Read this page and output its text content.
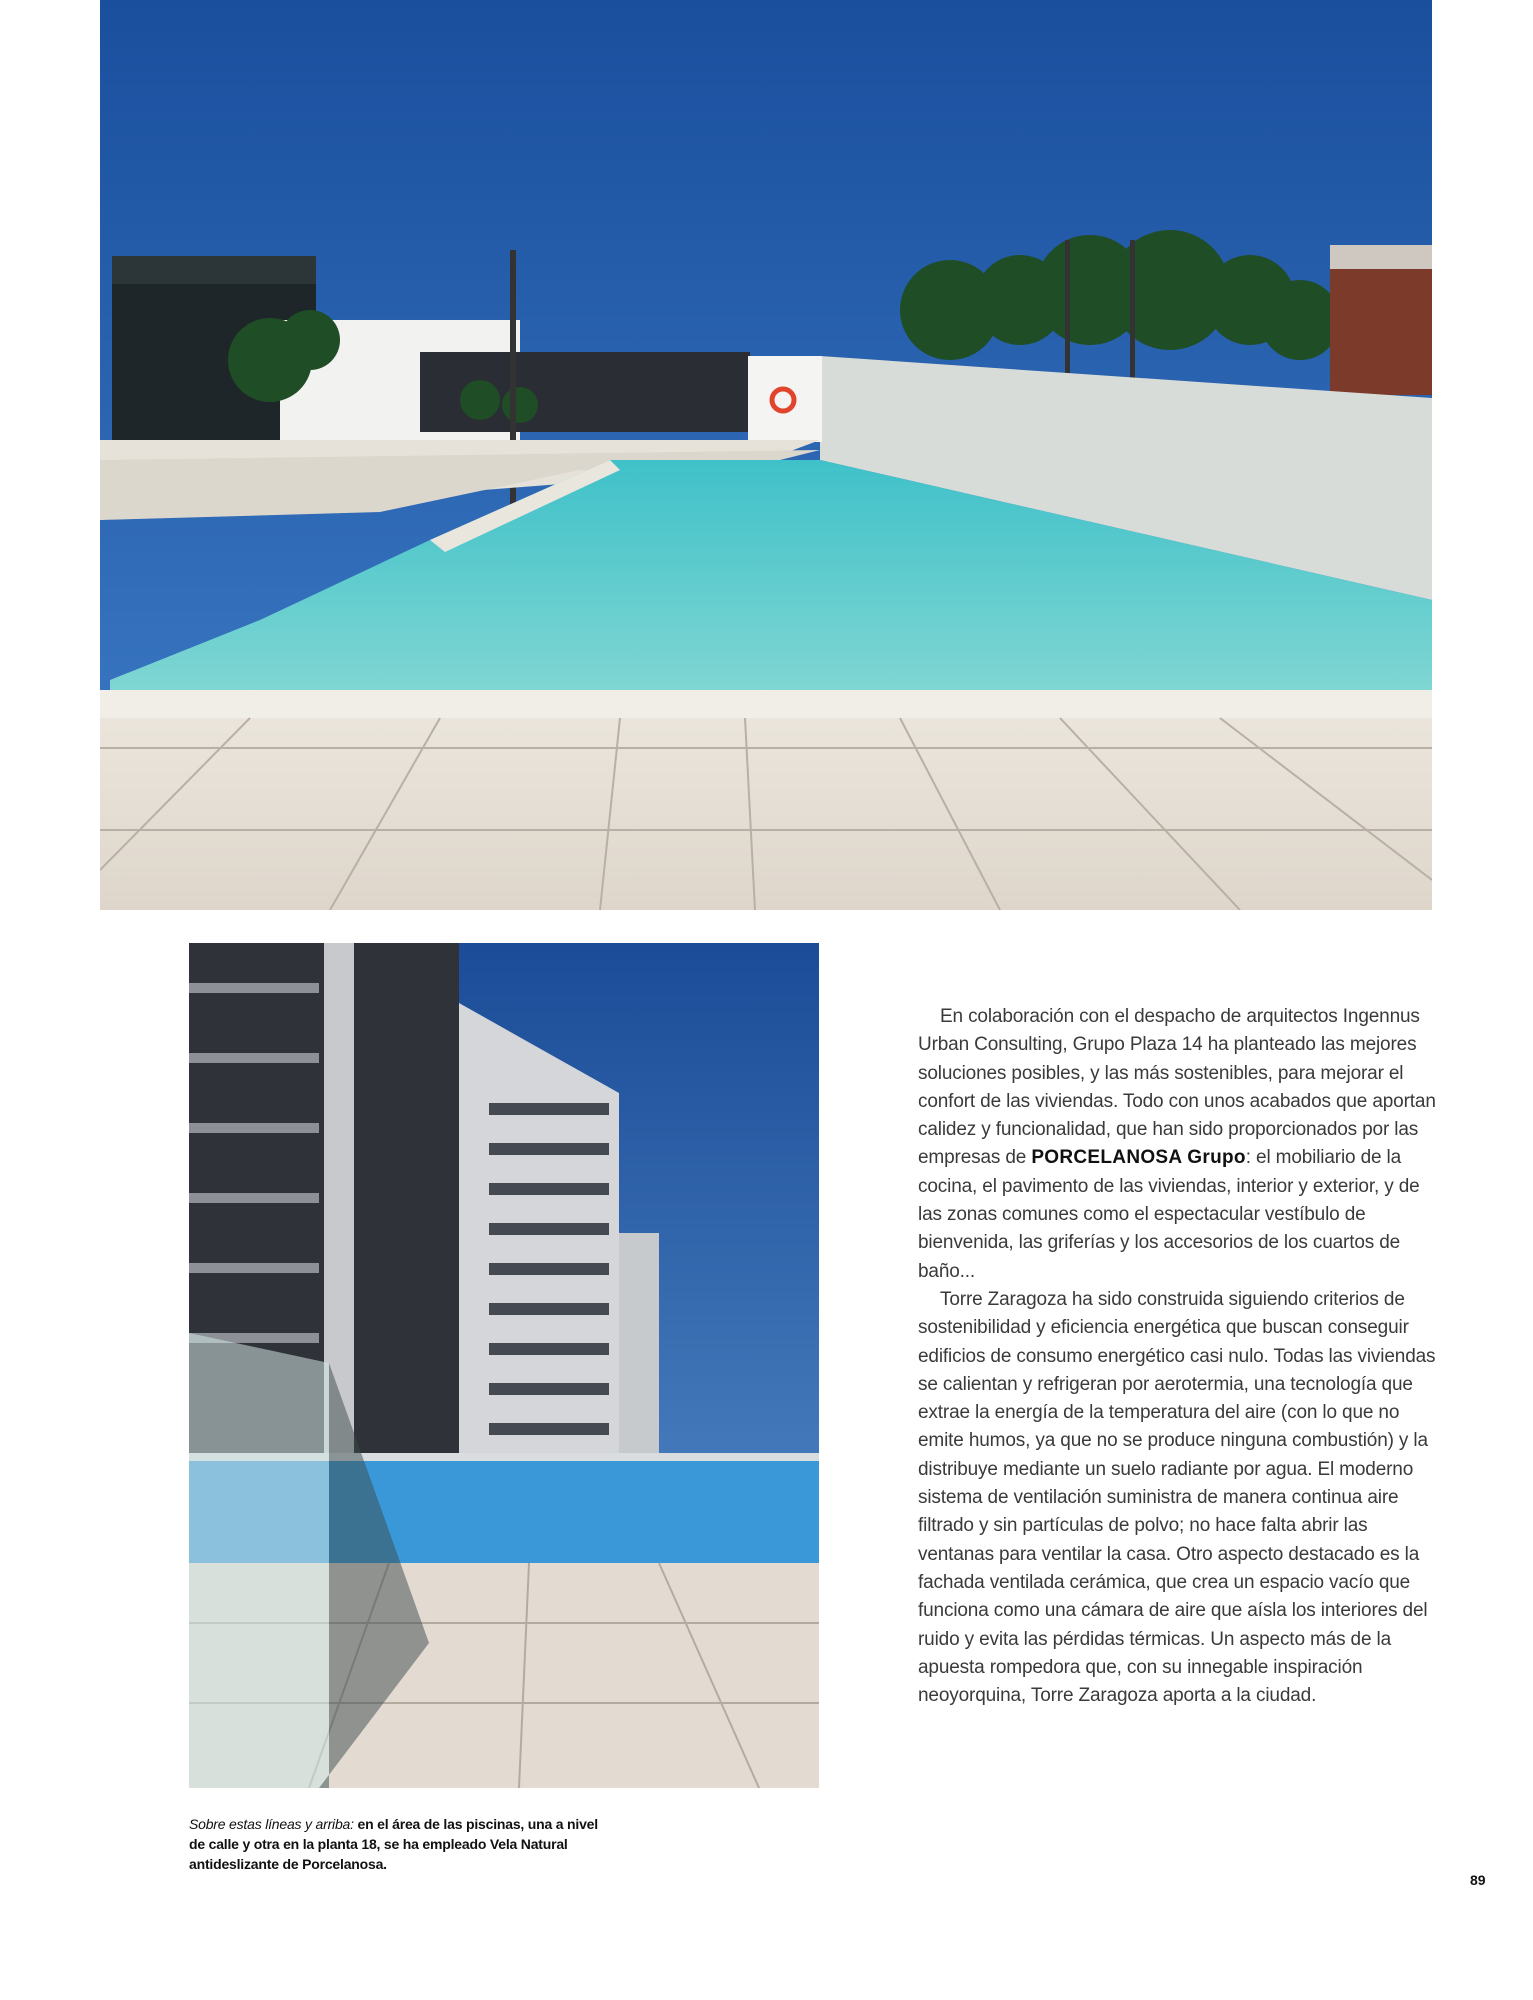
En colaboración con el despacho de arquitectos Ingennus Urban Consulting, Grupo Plaza 14 ha planteado las mejores soluciones posibles, y las más sostenibles, para mejorar el confort de las viviendas. Todo con unos acabados que aportan calidez y funcionalidad, que han sido proporcionados por las empresas de PORCELANOSA Grupo: el mobiliario de la cocina, el pavimento de las viviendas, interior y exterior, y de las zonas comunes como el espectacular vestíbulo de bienvenida, las griferías y los accesorios de los cuartos de baño...

Torre Zaragoza ha sido construida siguiendo criterios de sostenibilidad y eficiencia energética que buscan conseguir edificios de consumo energético casi nulo. Todas las viviendas se calientan y refrigeran por aerotermia, una tecnología que extrae la energía de la temperatura del aire (con lo que no emite humos, ya que no se produce ninguna combustión) y la distribuye mediante un suelo radiante por agua. El moderno sistema de ventilación suministra de manera continua aire filtrado y sin partículas de polvo; no hace falta abrir las ventanas para ventilar la casa. Otro aspecto destacado es la fachada ventilada cerámica, que crea un espacio vacío que funciona como una cámara de aire que aísla los interiores del ruido y evita las pérdidas térmicas. Un aspecto más de la apuesta rompedora que, con su innegable inspiración neoyorquina, Torre Zaragoza aporta a la ciudad.

Sobre estas líneas y arriba: en el área de las piscinas, una a nivel de calle y otra en la planta 18, se ha empleado Vela Natural antideslizante de Porcelanosa.
89
